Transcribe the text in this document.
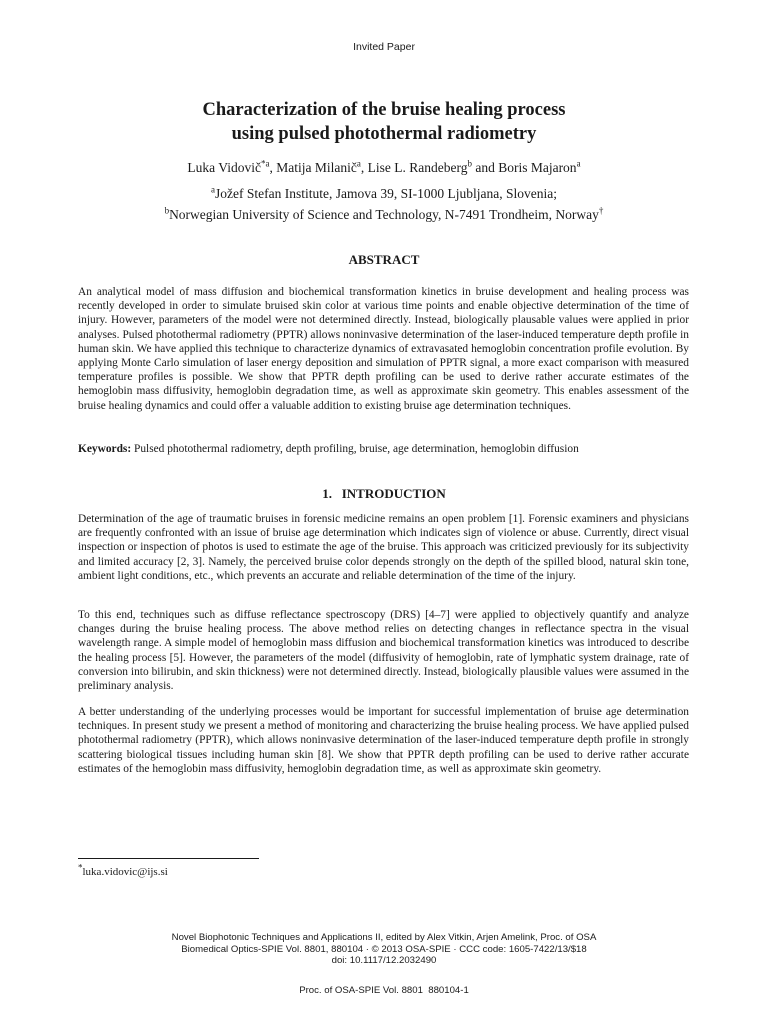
Invited Paper
Characterization of the bruise healing process
using pulsed photothermal radiometry
Luka Vidovič$^{*a}$, Matija Milanič$^a$, Lise L. Randeberg$^b$ and Boris Majaron$^a$
$^a$Jožef Stefan Institute, Jamova 39, SI-1000 Ljubljana, Slovenia;
$^b$Norwegian University of Science and Technology, N-7491 Trondheim, Norway†
ABSTRACT
An analytical model of mass diffusion and biochemical transformation kinetics in bruise development and healing process was recently developed in order to simulate bruised skin color at various time points and enable objective determination of the time of injury. However, parameters of the model were not determined directly. Instead, biologically plausable values were applied in prior analyses. Pulsed photothermal radiometry (PPTR) allows noninvasive determination of the laser-induced temperature depth profile in human skin. We have applied this technique to characterize dynamics of extravasated hemoglobin concentration profile evolution. By applying Monte Carlo simulation of laser energy deposition and simulation of PPTR signal, a more exact comparison with measured temperature profiles is possible. We show that PPTR depth profiling can be used to derive rather accurate estimates of the hemoglobin mass diffusivity, hemoglobin degradation time, as well as approximate skin geometry. This enables assessment of the bruise healing dynamics and could offer a valuable addition to existing bruise age determination techniques.
Keywords: Pulsed photothermal radiometry, depth profiling, bruise, age determination, hemoglobin diffusion
1.   INTRODUCTION
Determination of the age of traumatic bruises in forensic medicine remains an open problem [1]. Forensic examiners and physicians are frequently confronted with an issue of bruise age determination which indicates sign of violence or abuse. Currently, direct visual inspection or inspection of photos is used to estimate the age of the bruise. This approach was criticized previously for its subjectivity and limited accuracy [2, 3]. Namely, the perceived bruise color depends strongly on the depth of the spilled blood, natural skin tone, ambient light conditions, etc., which prevents an accurate and reliable determination of the time of the injury.
To this end, techniques such as diffuse reflectance spectroscopy (DRS) [4–7] were applied to objectively quantify and analyze changes during the bruise healing process. The above method relies on detecting changes in reflectance spectra in the visual wavelength range. A simple model of hemoglobin mass diffusion and biochemical transformation kinetics was introduced to describe the healing process [5]. However, the parameters of the model (diffusivity of hemoglobin, rate of lymphatic system drainage, rate of conversion into bilirubin, and skin thickness) were not determined directly. Instead, biologically plausible values were assumed in the preliminary analysis.
A better understanding of the underlying processes would be important for successful implementation of bruise age determination techniques. In present study we present a method of monitoring and characterizing the bruise healing process. We have applied pulsed photothermal radiometry (PPTR), which allows noninvasive determination of the laser-induced temperature depth profile in strongly scattering biological tissues including human skin [8]. We show that PPTR depth profiling can be used to derive rather accurate estimates of the hemoglobin mass diffusivity, hemoglobin degradation time, as well as approximate skin geometry.
*luka.vidovic@ijs.si
Novel Biophotonic Techniques and Applications II, edited by Alex Vitkin, Arjen Amelink, Proc. of OSA
Biomedical Optics-SPIE Vol. 8801, 880104 · © 2013 OSA-SPIE · CCC code: 1605-7422/13/$18
doi: 10.1117/12.2032490
Proc. of OSA-SPIE Vol. 8801  880104-1
